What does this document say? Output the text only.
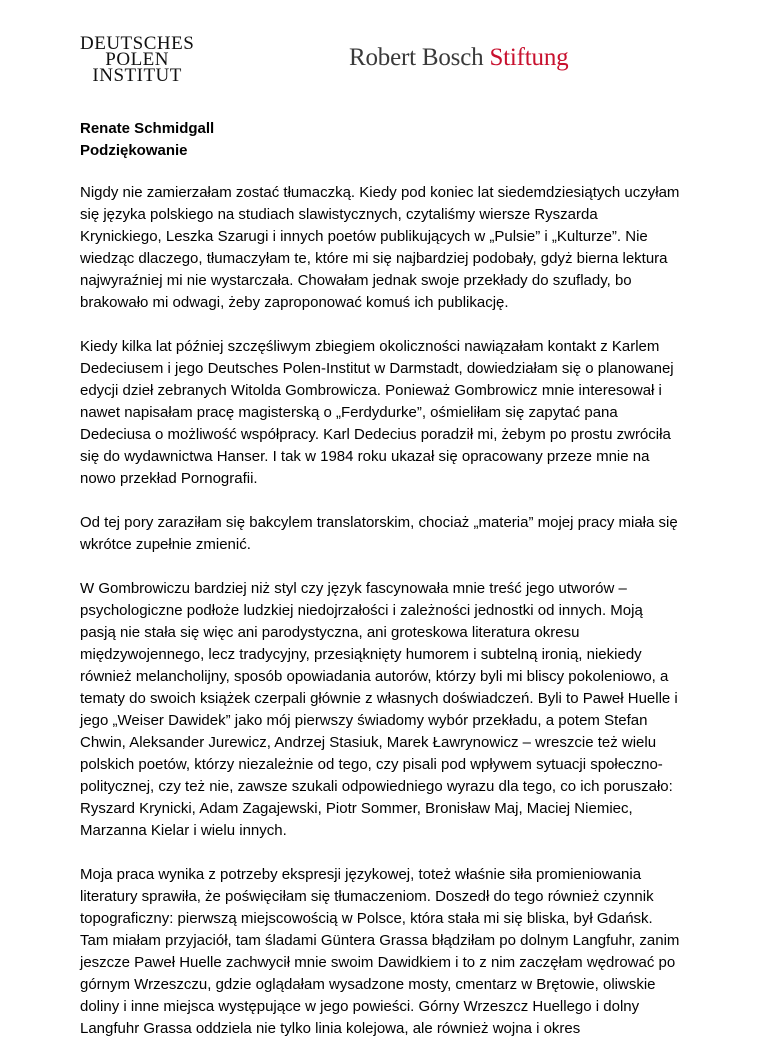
DEUTSCHES
POLEN
INSTITUT
Robert Bosch Stiftung
Renate Schmidgall
Podziękowanie

Nigdy nie zamierzałam zostać tłumaczką. Kiedy pod koniec lat siedemdziesiątych uczyłam się języka polskiego na studiach slawistycznych, czytaliśmy wiersze Ryszarda Krynickiego, Leszka Szarugi i innych poetów publikujących w „Pulsie” i „Kulturze”. Nie wiedząc dlaczego, tłumaczyłam te, które mi się najbardziej podobały, gdyż bierna lektura najwyraźniej mi nie wystarczała. Chowałam jednak swoje przekłady do szuflady, bo brakowało mi odwagi, żeby zaproponować komuś ich publikację.

Kiedy kilka lat później szczęśliwym zbiegiem okoliczności nawiązałam kontakt z Karlem Dedeciusem i jego Deutsches Polen-Institut w Darmstadt, dowiedziałam się o planowanej edycji dzieł zebranych Witolda Gombrowicza. Ponieważ Gombrowicz mnie interesował i nawet napisałam pracę magisterską o „Ferdydurke”, ośmieliłam się zapytać pana Dedeciusa o możliwość współpracy. Karl Dedecius poradził mi, żebym po prostu zwróciła się do wydawnictwa Hanser. I tak w 1984 roku ukazał się opracowany przeze mnie na nowo przekład Pornografii.

Od tej pory zaraziłam się bakcylem translatorskim, chociaż „materia” mojej pracy miała się wkrótce zupełnie zmienić.

W Gombrowiczu bardziej niż styl czy język fascynowała mnie treść jego utworów – psychologiczne podłoże ludzkiej niedojrzałości i zależności jednostki od innych. Moją pasją nie stała się więc ani parodystyczna, ani groteskowa literatura okresu międzywojennego, lecz tradycyjny, przesiąknięty humorem i subtelną ironią, niekiedy również melancholijny, sposób opowiadania autorów, którzy byli mi bliscy pokoleniowo, a tematy do swoich książek czerpali głównie z własnych doświadczeń. Byli to Paweł Huelle i jego „Weiser Dawidek” jako mój pierwszy świadomy wybór przekładu, a potem Stefan Chwin, Aleksander Jurewicz, Andrzej Stasiuk, Marek Ławrynowicz – wreszcie też wielu polskich poetów, którzy niezależnie od tego, czy pisali pod wpływem sytuacji społeczno-politycznej, czy też nie, zawsze szukali odpowiedniego wyrazu dla tego, co ich poruszało: Ryszard Krynicki, Adam Zagajewski, Piotr Sommer, Bronisław Maj, Maciej Niemiec, Marzanna Kielar i wielu innych.

Moja praca wynika z potrzeby ekspresji językowej, toteż właśnie siła promieniowania literatury sprawiła, że poświęciłam się tłumaczeniom. Doszedł do tego również czynnik topograficzny: pierwszą miejscowością w Polsce, która stała mi się bliska, był Gdańsk. Tam miałam przyjaciół, tam śladami Güntera Grassa błądziłam po dolnym Langfuhr, zanim jeszcze Paweł Huelle zachwycił mnie swoim Dawidkiem i to z nim zaczęłam wędrować po górnym Wrzeszczu, gdzie oglądałam wysadzone mosty, cmentarz w Brętowie, oliwskie doliny i inne miejsca występujące w jego powieści. Górny Wrzeszcz Huellego i dolny Langfuhr Grassa oddziela nie tylko linia kolejowa, ale również wojna i okres
